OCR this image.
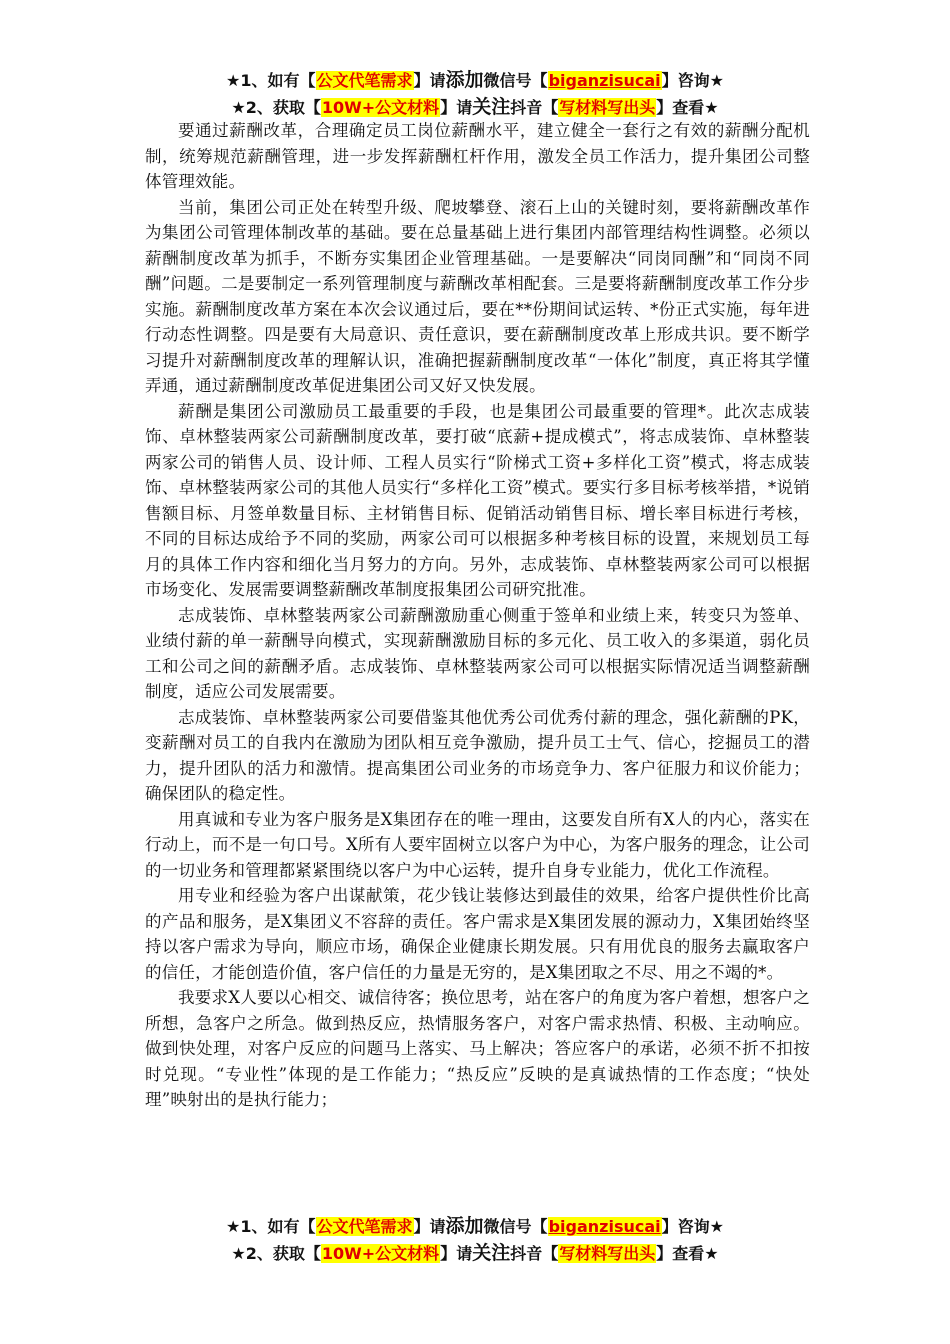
★1、如有【公文代笔需求】请添加微信号【biganzisucai】咨询★
★2、获取【10W+公文材料】请关注抖音【写材料写出头】查看★

要通过薪酬改革，合理确定员工岗位薪酬水平，建立健全一套行之有效的薪酬分配机制，统筹规范薪酬管理，进一步发挥薪酬杠杆作用，激发全员工作活力，提升集团公司整体管理效能。

当前，集团公司正处在转型升级、爬坡攀登、滚石上山的关键时刻，要将薪酬改革作为集团公司管理体制改革的基础。要在总量基础上进行集团内部管理结构性调整。必须以薪酬制度改革为抓手，不断夯实集团企业管理基础。一是要解决“同岗同酬”和“同岗不同酬”问题。二是要制定一系列管理制度与薪酬改革相配套。三是要将薪酬制度改革工作分步实施。薪酬制度改革方案在本次会议通过后，要在**份期间试运转、*份正式实施，每年进行动态性调整。四是要有大局意识、责任意识，要在薪酬制度改革上形成共识。要不断学习提升对薪酬制度改革的理解认识，准确把握薪酬制度改革“一体化”制度，真正将其学懂弄通，通过薪酬制度改革促进集团公司又好又快发展。

薪酬是集团公司激励员工最重要的手段，也是集团公司最重要的管理*。此次志成装饰、卓林整装两家公司薪酬制度改革，要打破“底薪+提成模式”，将志成装饰、卓林整装两家公司的销售人员、设计师、工程人员实行“阶梯式工资+多样化工资”模式，将志成装饰、卓林整装两家公司的其他人员实行“多样化工资”模式。要实行多目标考核举措，*说销售额目标、月签单数量目标、主材销售目标、促销活动销售目标、增长率目标进行考核，不同的目标达成给予不同的奖励，两家公司可以根据多种考核目标的设置，来规划员工每月的具体工作内容和细化当月努力的方向。另外，志成装饰、卓林整装两家公司可以根据市场变化、发展需要调整薪酬改革制度报集团公司研究批准。

志成装饰、卓林整装两家公司薪酬激励重心侧重于签单和业绩上来，转变只为签单、业绩付薪的单一薪酬导向模式，实现薪酬激励目标的多元化、员工收入的多渠道，弱化员工和公司之间的薪酬矛盾。志成装饰、卓林整装两家公司可以根据实际情况适当调整薪酬制度，适应公司发展需要。

志成装饰、卓林整装两家公司要借鉴其他优秀公司优秀付薪的理念，强化薪酬的PK，变薪酬对员工的自我内在激励为团队相互竞争激励，提升员工士气、信心，挖掘员工的潜力，提升团队的活力和激情。提高集团公司业务的市场竞争力、客户征服力和议价能力；确保团队的稳定性。

用真诚和专业为客户服务是X集团存在的唯一理由，这要发自所有X人的内心，落实在行动上，而不是一句口号。X所有人要牢固树立以客户为中心，为客户服务的理念，让公司的一切业务和管理都紧紧围绕以客户为中心运转，提升自身专业能力，优化工作流程。

用专业和经验为客户出谋献策，花少钱让装修达到最佳的效果，给客户提供性价比高的产品和服务，是X集团义不容辞的责任。客户需求是X集团发展的源动力，X集团始终坚持以客户需求为导向，顺应市场，确保企业健康长期发展。只有用优良的服务去赢取客户的信任，才能创造价值，客户信任的力量是无穷的，是X集团取之不尽、用之不竭的*。

我要求X人要以心相交、诚信待客；换位思考，站在客户的角度为客户着想，想客户之所想，急客户之所急。做到热反应，热情服务客户，对客户需求热情、积极、主动响应。做到快处理，对客户反应的问题马上落实、马上解决；答应客户的承诺，必须不折不扣按时兑现。“专业性”体现的是工作能力；“热反应”反映的是真诚热情的工作态度；“快处理”映射出的是执行能力；

★1、如有【公文代笔需求】请添加微信号【biganzisucai】咨询★
★2、获取【10W+公文材料】请关注抖音【写材料写出头】查看★
